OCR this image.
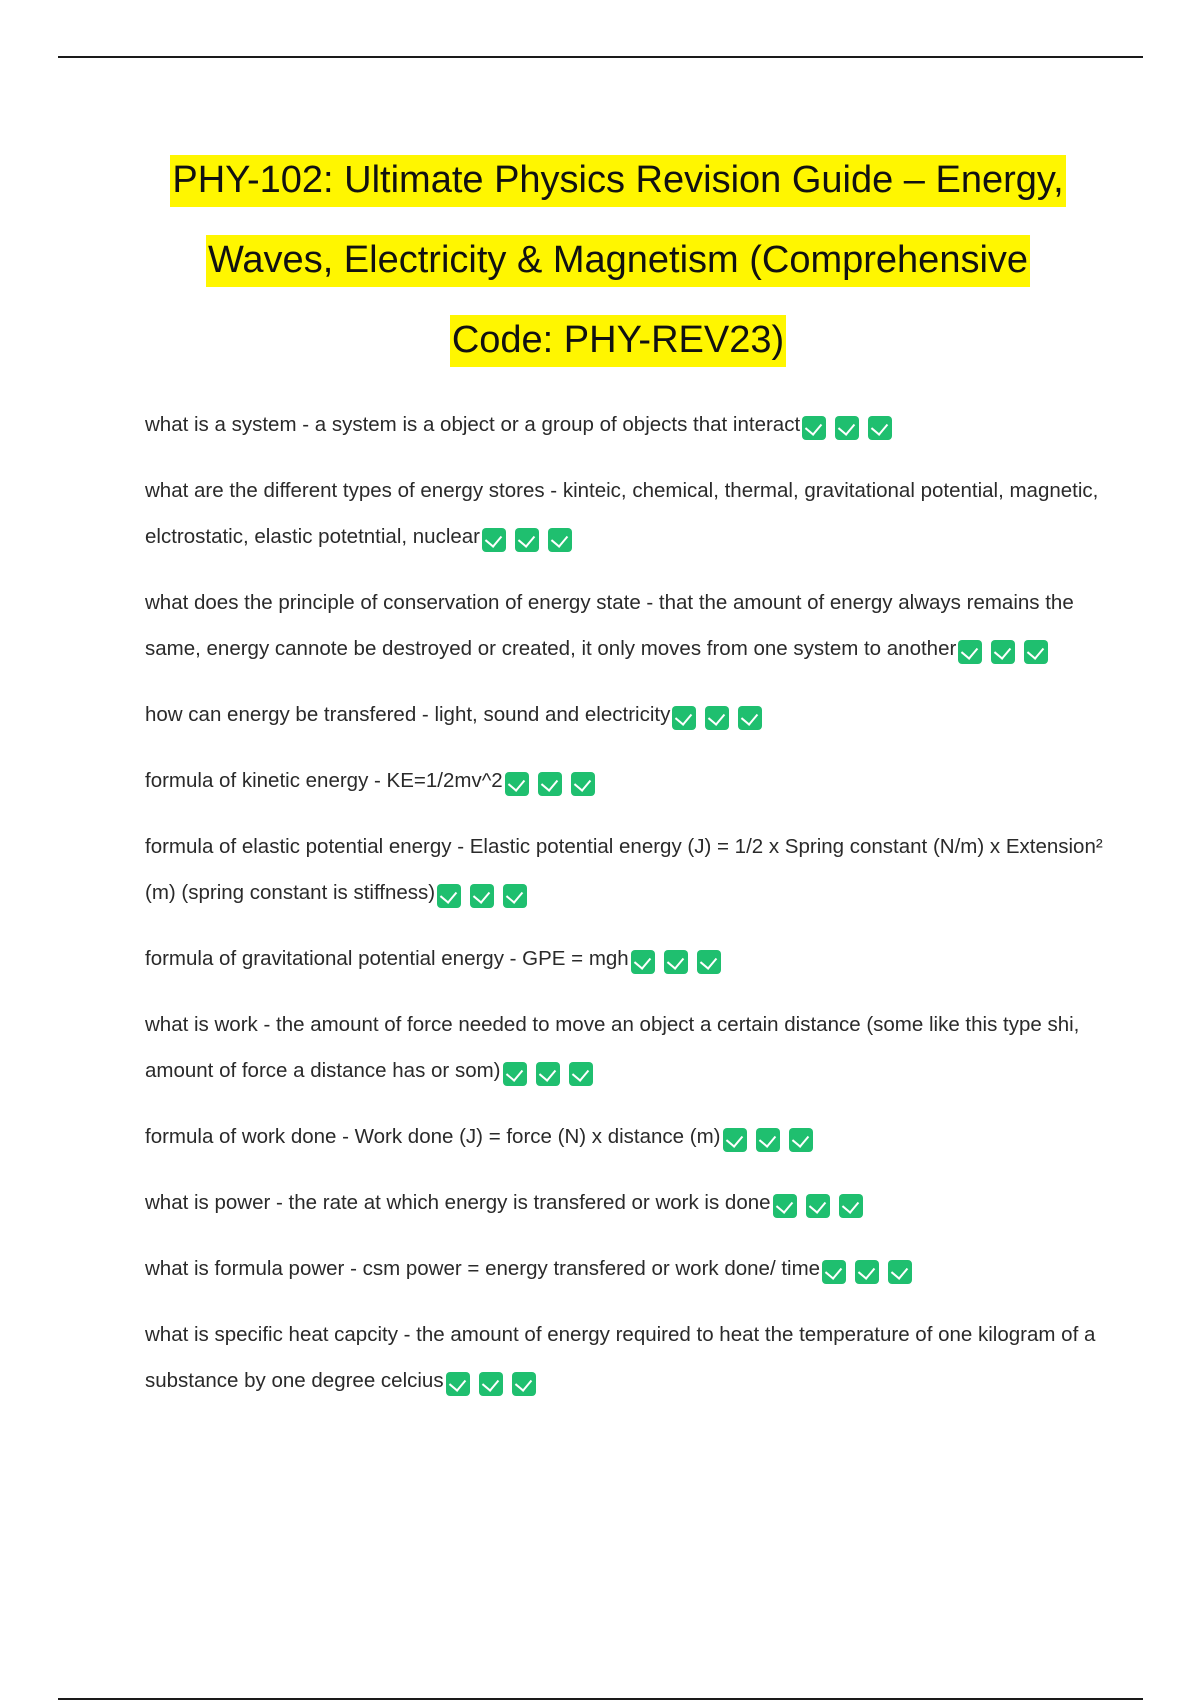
PHY-102: Ultimate Physics Revision Guide – Energy,
Waves, Electricity & Magnetism (Comprehensive
Code: PHY-REV23)
what is a system - a system is a object or a group of objects that interact
what are the different types of energy stores - kinteic, chemical, thermal, gravitational potential, magnetic, elctrostatic, elastic potetntial, nuclear
what does the principle of conservation of energy state - that the amount of energy always remains the same, energy cannote be destroyed or created, it only moves from one system to another
how can energy be transfered - light, sound and electricity
formula of kinetic energy - KE=1/2mv^2
formula of elastic potential energy - Elastic potential energy (J) = 1/2 x Spring constant (N/m) x Extension² (m) (spring constant is stiffness)
formula of gravitational potential energy - GPE = mgh
what is work - the amount of force needed to move an object a certain distance (some like this type shi, amount of force a distance has or som)
formula of work done - Work done (J) = force (N) x distance (m)
what is power - the rate at which energy is transfered or work is done
what is formula power - csm power = energy transfered or work done/ time
what is specific heat capcity - the amount of energy required to heat the temperature of one kilogram of a substance by one degree celcius
